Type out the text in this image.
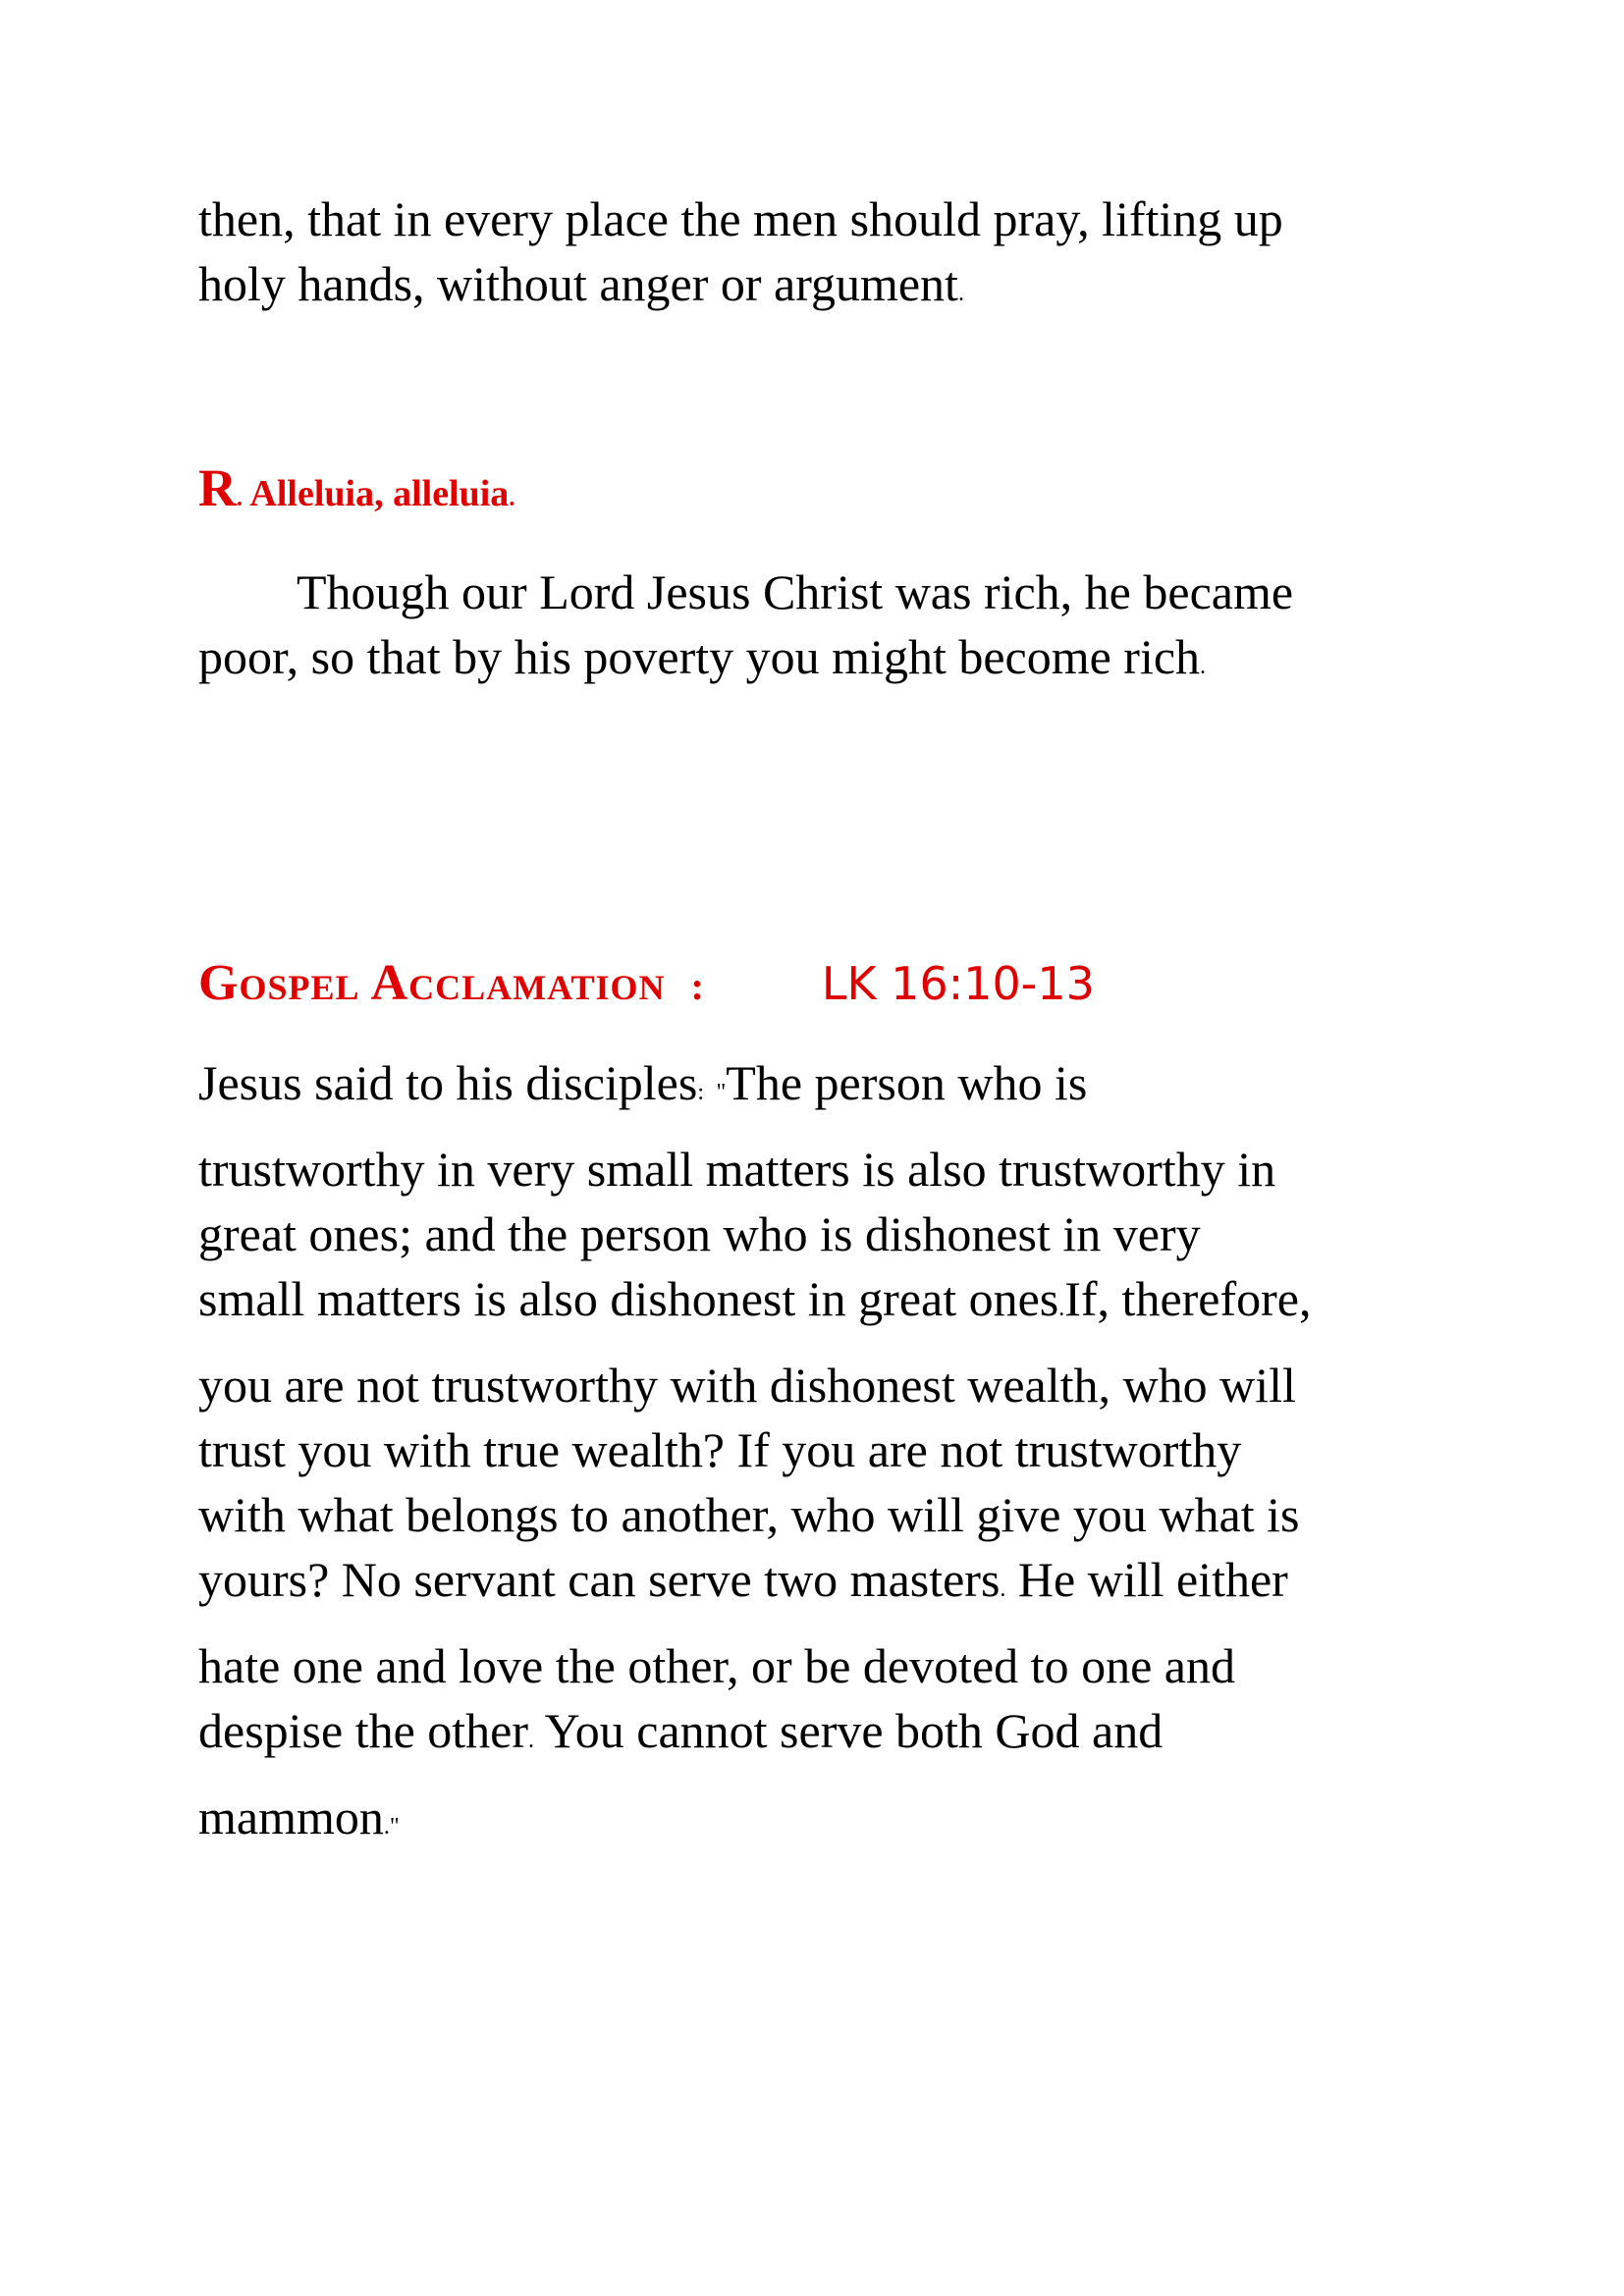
then, that in every place the men should pray, lifting up
holy hands, without anger or argument.

R. Alleluia, alleluia.

Though our Lord Jesus Christ was rich, he became
poor, so that by his poverty you might become rich.

Gospel Acclamation :	LK 16:10-13

Jesus said to his disciples: "The person who is
trustworthy in very small matters is also trustworthy in
great ones; and the person who is dishonest in very
small matters is also dishonest in great ones.If, therefore,
you are not trustworthy with dishonest wealth, who will
trust you with true wealth? If you are not trustworthy
with what belongs to another, who will give you what is
yours? No servant can serve two masters. He will either
hate one and love the other, or be devoted to one and
despise the other. You cannot serve both God and
mammon."
